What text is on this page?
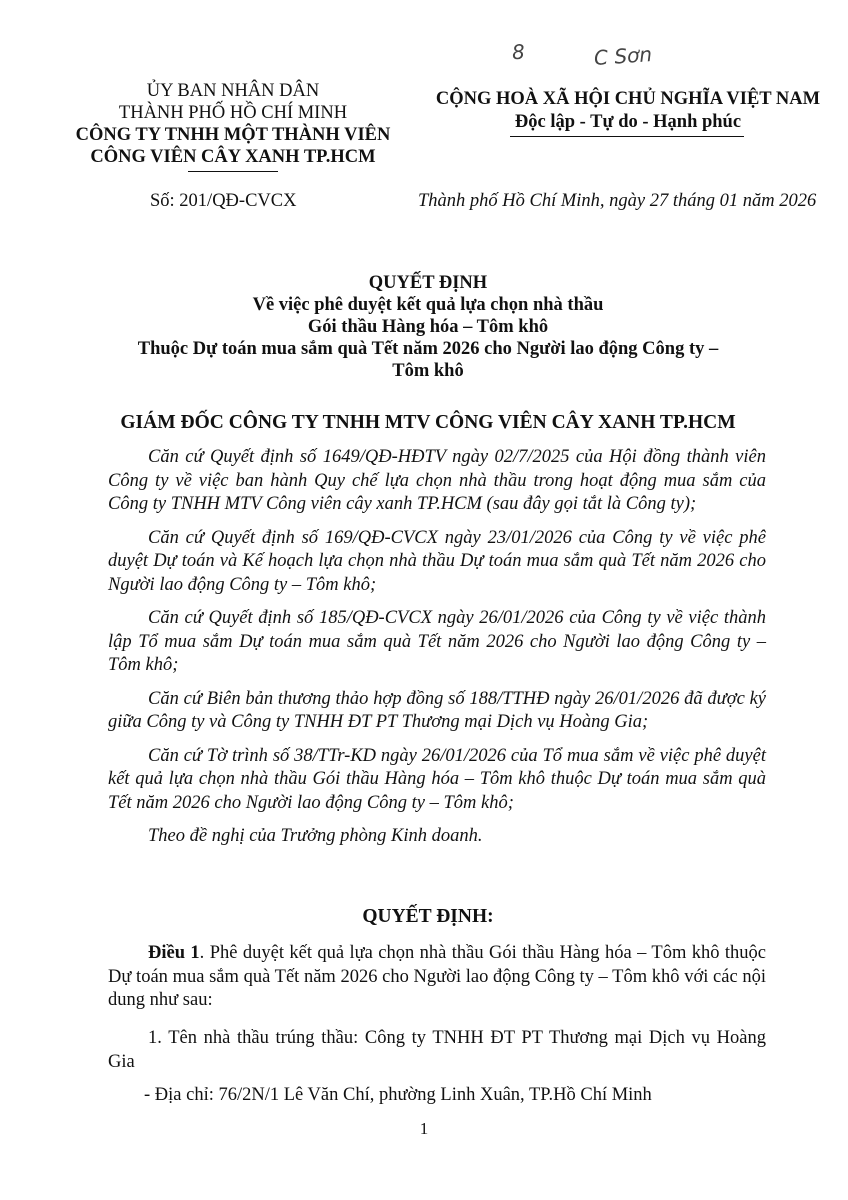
8	C Sơn
ỦY BAN NHÂN DÂN
THÀNH PHỐ HỒ CHÍ MINH
CÔNG TY TNHH MỘT THÀNH VIÊN
CÔNG VIÊN CÂY XANH TP.HCM
CỘNG HOÀ XÃ HỘI CHỦ NGHĨA VIỆT NAM
Độc lập - Tự do - Hạnh phúc
Số: 201/QĐ-CVCX	Thành phố Hồ Chí Minh, ngày 27 tháng 01 năm 2026
QUYẾT ĐỊNH
Về việc phê duyệt kết quả lựa chọn nhà thầu
Gói thầu Hàng hóa – Tôm khô
Thuộc Dự toán mua sắm quà Tết năm 2026 cho Người lao động Công ty –
Tôm khô
GIÁM ĐỐC CÔNG TY TNHH MTV CÔNG VIÊN CÂY XANH TP.HCM
Căn cứ Quyết định số 1649/QĐ-HĐTV ngày 02/7/2025 của Hội đồng thành viên Công ty về việc ban hành Quy chế lựa chọn nhà thầu trong hoạt động mua sắm của Công ty TNHH MTV Công viên cây xanh TP.HCM (sau đây gọi tắt là Công ty);
Căn cứ Quyết định số 169/QĐ-CVCX ngày 23/01/2026 của Công ty về việc phê duyệt Dự toán và Kế hoạch lựa chọn nhà thầu Dự toán mua sắm quà Tết năm 2026 cho Người lao động Công ty – Tôm khô;
Căn cứ Quyết định số 185/QĐ-CVCX ngày 26/01/2026 của Công ty về việc thành lập Tổ mua sắm Dự toán mua sắm quà Tết năm 2026 cho Người lao động Công ty – Tôm khô;
Căn cứ Biên bản thương thảo hợp đồng số 188/TTHĐ ngày 26/01/2026 đã được ký giữa Công ty và Công ty TNHH ĐT PT Thương mại Dịch vụ Hoàng Gia;
Căn cứ Tờ trình số 38/TTr-KD ngày 26/01/2026 của Tổ mua sắm về việc phê duyệt kết quả lựa chọn nhà thầu Gói thầu Hàng hóa – Tôm khô thuộc Dự toán mua sắm quà Tết năm 2026 cho Người lao động Công ty – Tôm khô;
Theo đề nghị của Trưởng phòng Kinh doanh.
QUYẾT ĐỊNH:
Điều 1. Phê duyệt kết quả lựa chọn nhà thầu Gói thầu Hàng hóa – Tôm khô thuộc Dự toán mua sắm quà Tết năm 2026 cho Người lao động Công ty – Tôm khô với các nội dung như sau:
1. Tên nhà thầu trúng thầu: Công ty TNHH ĐT PT Thương mại Dịch vụ Hoàng Gia
- Địa chỉ: 76/2N/1 Lê Văn Chí, phường Linh Xuân, TP.Hồ Chí Minh
1
